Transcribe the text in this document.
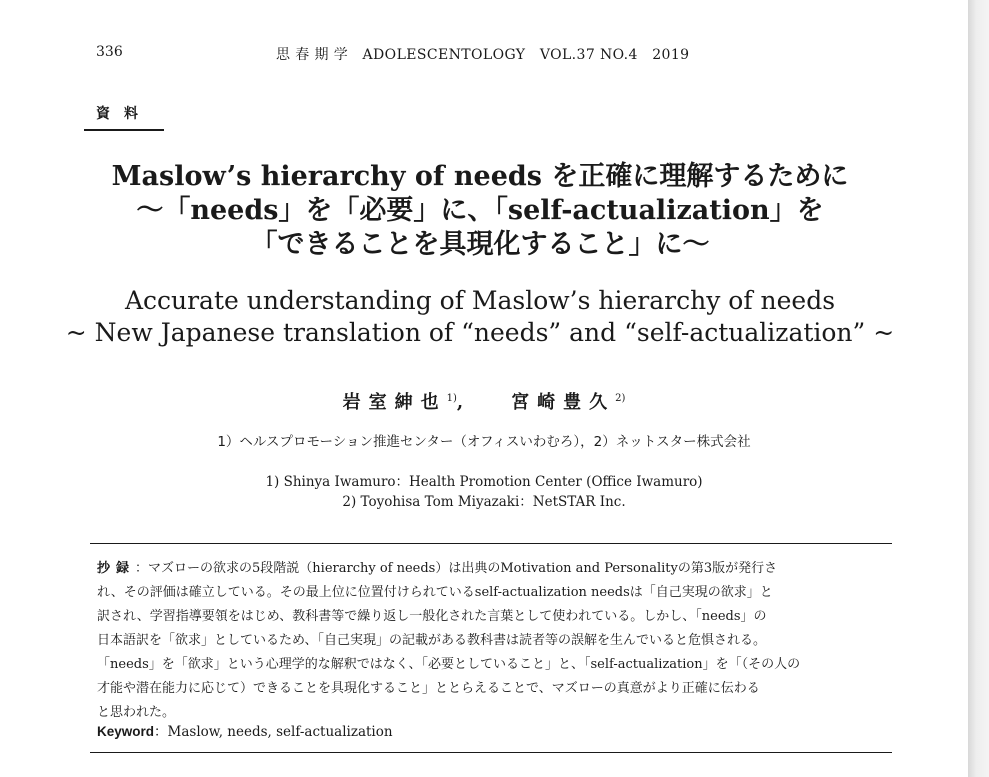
336	思 春 期 学　ADOLESCENTOLOGY　VOL.37 NO.4　2019
資料
Maslow’s hierarchy of needs を正確に理解するために
〜「needs」を「必要」に、「self-actualization」を
「できることを具現化すること」に〜
Accurate understanding of Maslow’s hierarchy of needs
~ New Japanese translation of “needs” and “self-actualization” ~
岩室紳也$^{1)}$, 宮崎豊久$^{2)}$
1）ヘルスプロモーション推進センター（オフィスいわむろ），2）ネットスター株式会社
1) Shinya Iwamuro：Health Promotion Center (Office Iwamuro)
2) Toyohisa Tom Miyazaki：NetSTAR Inc.
抄録：マズローの欲求の5段階説（hierarchy of needs）は出典のMotivation and Personalityの第3版が発行さ
れ、その評価は確立している。その最上位に位置付けられているself-actualization needsは「自己実現の欲求」と
訳され、学習指導要領をはじめ、教科書等で繰り返し一般化された言葉として使われている。しかし、「needs」の
日本語訳を「欲求」としているため、「自己実現」の記載がある教科書は読者等の誤解を生んでいると危惧される。
「needs」を「欲求」という心理学的な解釈ではなく、「必要としていること」と、「self-actualization」を「（その人の
才能や潜在能力に応じて）できることを具現化すること」ととらえることで、マズローの真意がより正確に伝わる
と思われた。
Keyword：Maslow, needs, self-actualization
